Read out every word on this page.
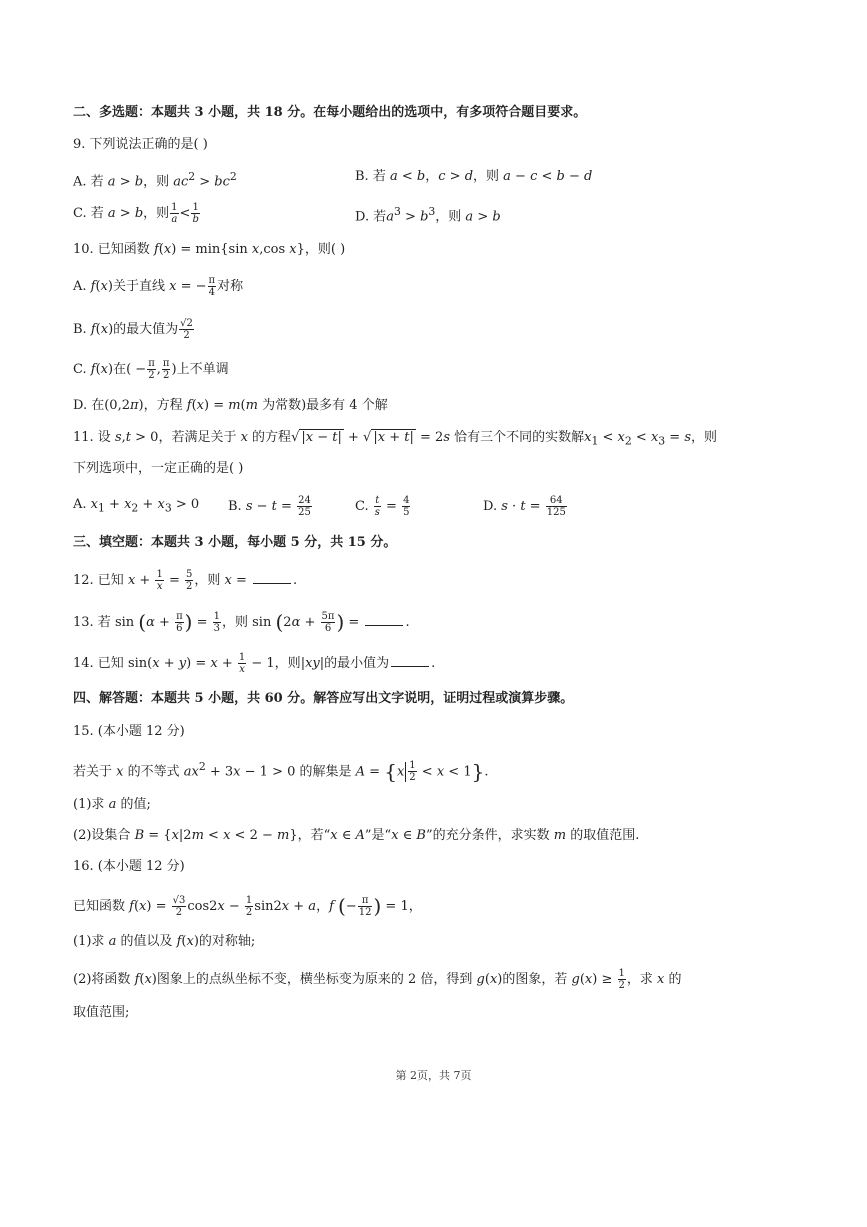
二、多选题：本题共 3 小题，共 18 分。在每小题给出的选项中，有多项符合题目要求。
9. 下列说法正确的是( )
A. 若 a > b，则 $ac^2 > bc^2$	B. 若 a < b，c > d，则 a − c < b − d
C. 若 a > b，则 $\frac{1}{a} < \frac{1}{b}$	D. 若$a^3 > b^3$，则 a > b
10. 已知函数 f(x) = min{sin x,cos x}，则( )
A. f(x)关于直线 x = − $\frac{\pi}{4}$ 对称
B. f(x)的最大值为 $\frac{√2}{2}$
C. f(x)在( − $\frac{\pi}{2}$ , $\frac{\pi}{2}$ )上不单调
D. 在(0,2π)，方程 f(x) = m(m 为常数)最多有 4 个解
11. 设 s,t > 0，若满足关于 x 的方程√ |x − t| + √ |x + t| = 2s 恰有三个不同的实数解$x_1 < x_2 < x_3 = s$，则
下列选项中，一定正确的是( )
A. $x_1 + x_2 + x_3 > 0$ B. $s - t = \frac{24}{25}$	C. $\frac{t}{s} = \frac{4}{5}$	D. $s \cdot t = \frac{64}{125}$
三、填空题：本题共 3 小题，每小题 5 分，共 15 分。
12. 已知 $x + \frac{1}{x} = \frac{5}{2}$ ，则 x =	.
13. 若 $\sin (\alpha + \frac{\pi}{6}$ ) = $\frac{1}{3}$ ，则 $\sin (2\alpha + \frac{5\pi}{6}$ ) =	.
14. 已知 $\sin(x + y) = x + \frac{1}{x} - 1$，则|xy|的最小值为	.
四、解答题：本题共 5 小题，共 60 分。解答应写出文字说明，证明过程或演算步骤。
15. (本小题 12 分)
若关于 x 的不等式 $ax^2 + 3x - 1 > 0$ 的解集是 $A = \{x \frac{1}{2} < x < 1\}$.
(1)求 a 的值;
(2)设集合 B = {x|2m < x < 2 − m}，若“x ∈ A”是“x ∈ B”的充分条件，求实数 m 的取值范围.
16. (本小题 12 分)
已知函数 $f(x) = \frac{√3}{2} \cos 2x - \frac{1}{2} \sin 2x + a$，f (− $\frac{\pi}{12}$ ) = 1，
(1)求 a 的值以及 f(x)的对称轴;
(2)将函数 f(x)图象上的点纵坐标不变，横坐标变为原来的 2 倍，得到 g(x)的图象，若 $g(x) \ge \frac{1}{2}$ ，求 x 的
取值范围;
第 2页，共 7页
